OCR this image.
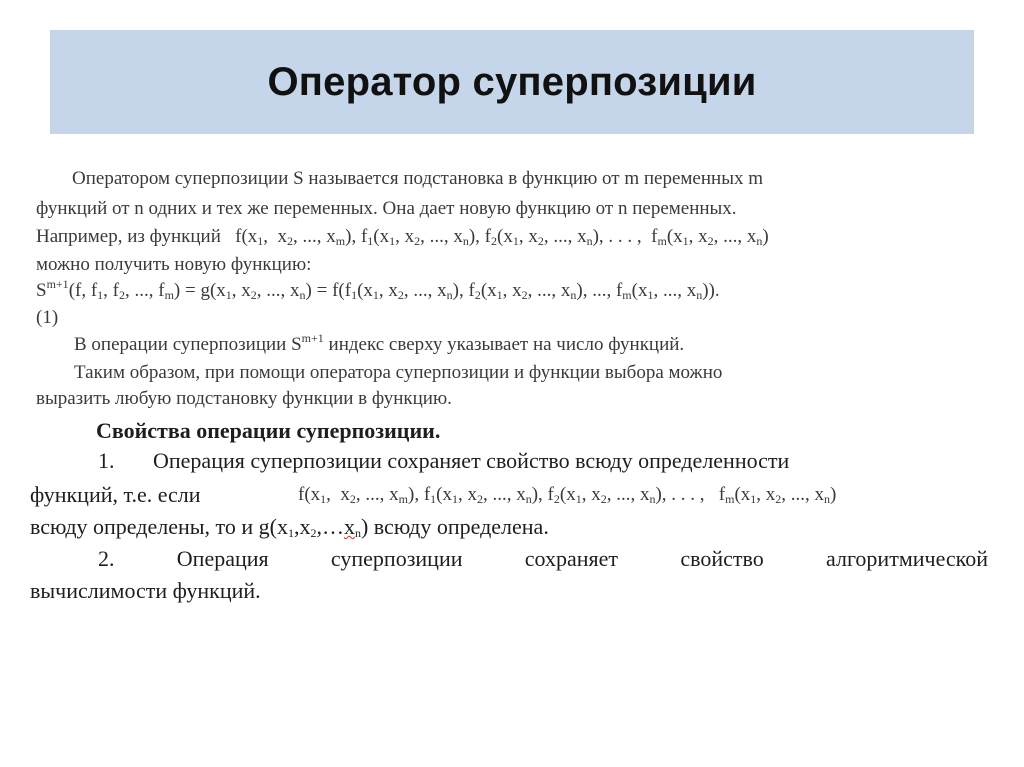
Оператор суперпозиции
Оператором суперпозиции S называется подстановка в функцию от m переменных m
функций от n одних и тех же переменных. Она дает новую функцию от n переменных.
Например, из функций   $f(x_1$,  $x_2$, ..., $x_m$), $f_1(x_1$, $x_2$, ..., $x_n$), $f_2(x_1$, $x_2$, ..., $x_n$), . . . ,  $f_m(x_1$, $x_2$, ..., $x_n$)
можно получить новую функцию:
$S^{m+1}(f$, $f_1$, $f_2$, ..., $f_m) = g(x_1$, $x_2$, ..., $x_n) = f(f_1(x_1$, $x_2$, ..., $x_n$), $f_2(x_1$, $x_2$, ..., $x_n$), ..., $f_m(x_1$, ..., $x_n$)).
(1)
В операции суперпозиции $S^{m+1}$ индекс сверху указывает на число функций.
Таким образом, при помощи оператора суперпозиции и функции выбора можно
выразить любую подстановку функции в функцию.
Свойства операции суперпозиции.
1. Операция суперпозиции сохраняет свойство всюду определенности
функций, т.е. если	$f(x_1$,  $x_2$, ..., $x_m$), $f_1(x_1$, $x_2$, ..., $x_n$), $f_2(x_1$, $x_2$, ..., $x_n$), . . . ,   $f_m(x_1$, $x_2$, ..., $x_n$)
всюду определены, то и $g(x_1,x_2,\dots x_n)$ всюду определена.
2.	Операция	суперпозиции	сохраняет	свойство	алгоритмической
вычислимости функций.
